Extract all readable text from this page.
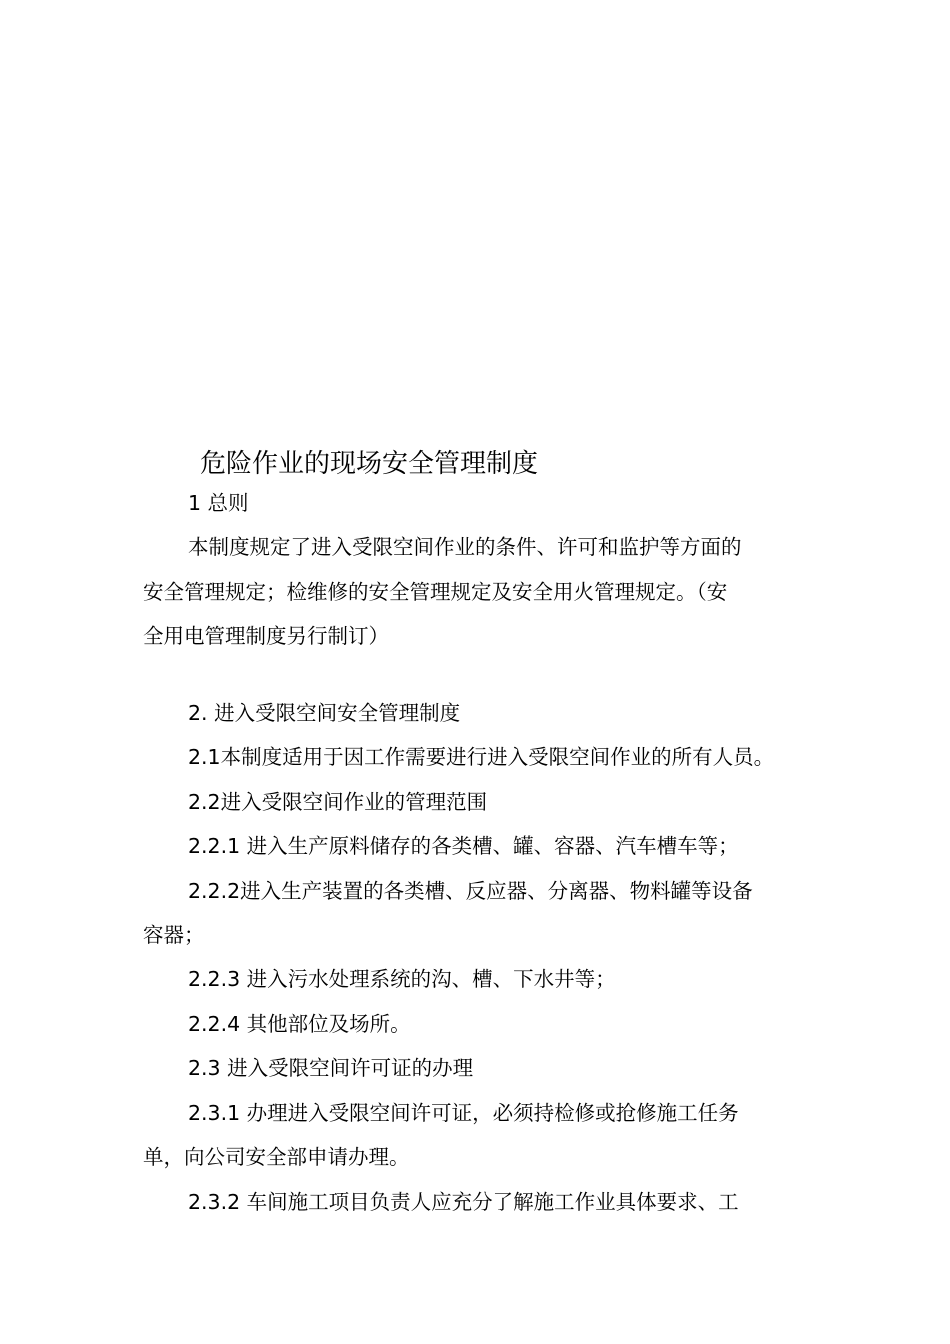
危险作业的现场安全管理制度
1 总则
本制度规定了进入受限空间作业的条件、许可和监护等方面的
安全管理规定；检维修的安全管理规定及安全用火管理规定。（安
全用电管理制度另行制订）
2. 进入受限空间安全管理制度
2.1本制度适用于因工作需要进行进入受限空间作业的所有人员。
2.2进入受限空间作业的管理范围
2.2.1 进入生产原料储存的各类槽、罐、容器、汽车槽车等；
2.2.2进入生产装置的各类槽、反应器、分离器、物料罐等设备
容器；
2.2.3 进入污水处理系统的沟、槽、下水井等；
2.2.4 其他部位及场所。
2.3 进入受限空间许可证的办理
2.3.1 办理进入受限空间许可证，必须持检修或抢修施工任务
单，向公司安全部申请办理。
2.3.2 车间施工项目负责人应充分了解施工作业具体要求、工
